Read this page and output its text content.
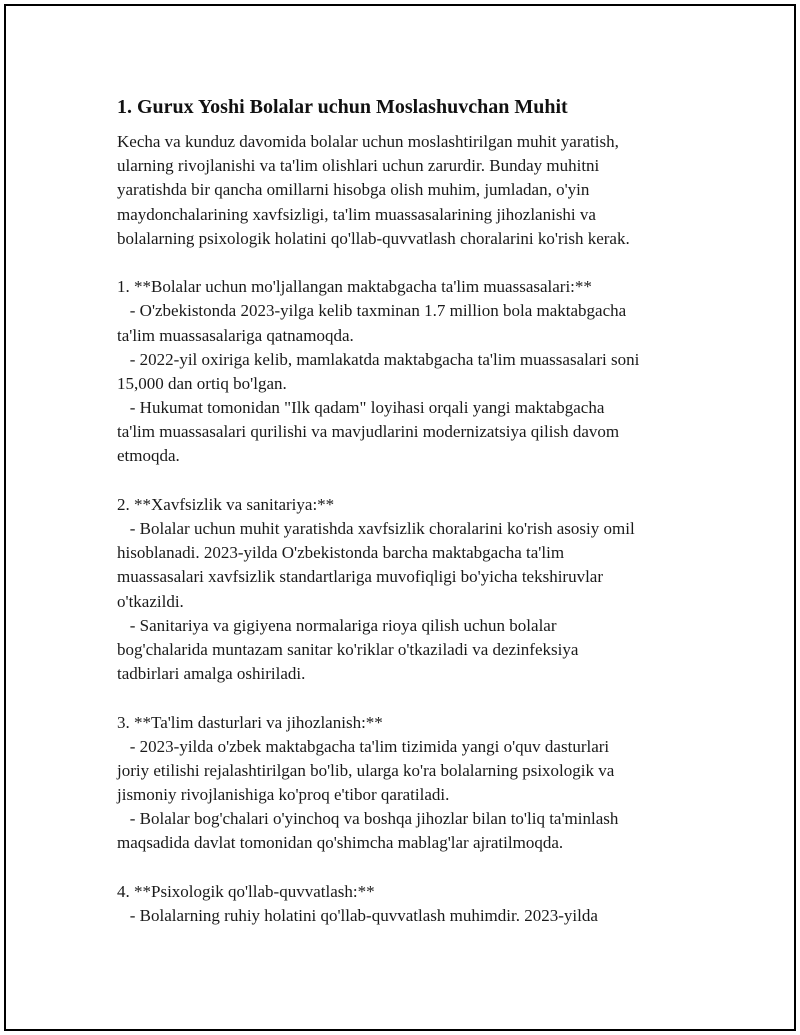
1. Gurux Yoshi Bolalar uchun Moslashuvchan Muhit
Kecha va kunduz davomida bolalar uchun moslashtirilgan muhit yaratish,
ularning rivojlanishi va ta'lim olishlari uchun zarurdir. Bunday muhitni
yaratishda bir qancha omillarni hisobga olish muhim, jumladan, o'yin
maydonchalarining xavfsizligi, ta'lim muassasalarining jihozlanishi va
bolalarning psixologik holatini qo'llab-quvvatlash choralarini ko'rish kerak.
1. **Bolalar uchun mo'ljallangan maktabgacha ta'lim muassasalari:**
- O'zbekistonda 2023-yilga kelib taxminan 1.7 million bola maktabgacha
ta'lim muassasalariga qatnamoqda.
- 2022-yil oxiriga kelib, mamlakatda maktabgacha ta'lim muassasalari soni
15,000 dan ortiq bo'lgan.
- Hukumat tomonidan "Ilk qadam" loyihasi orqali yangi maktabgacha
ta'lim muassasalari qurilishi va mavjudlarini modernizatsiya qilish davom
etmoqda.
2. **Xavfsizlik va sanitariya:**
- Bolalar uchun muhit yaratishda xavfsizlik choralarini ko'rish asosiy omil
hisoblanadi. 2023-yilda O'zbekistonda barcha maktabgacha ta'lim
muassasalari xavfsizlik standartlariga muvofiqligi bo'yicha tekshiruvlar
o'tkazildi.
- Sanitariya va gigiyena normalariga rioya qilish uchun bolalar
bog'chalarida muntazam sanitar ko'riklar o'tkaziladi va dezinfeksiya
tadbirlari amalga oshiriladi.
3. **Ta'lim dasturlari va jihozlanish:**
- 2023-yilda o'zbek maktabgacha ta'lim tizimida yangi o'quv dasturlari
joriy etilishi rejalashtirilgan bo'lib, ularga ko'ra bolalarning psixologik va
jismoniy rivojlanishiga ko'proq e'tibor qaratiladi.
- Bolalar bog'chalari o'yinchoq va boshqa jihozlar bilan to'liq ta'minlash
maqsadida davlat tomonidan qo'shimcha mablag'lar ajratilmoqda.
4. **Psixologik qo'llab-quvvatlash:**
- Bolalarning ruhiy holatini qo'llab-quvvatlash muhimdir. 2023-yilda
